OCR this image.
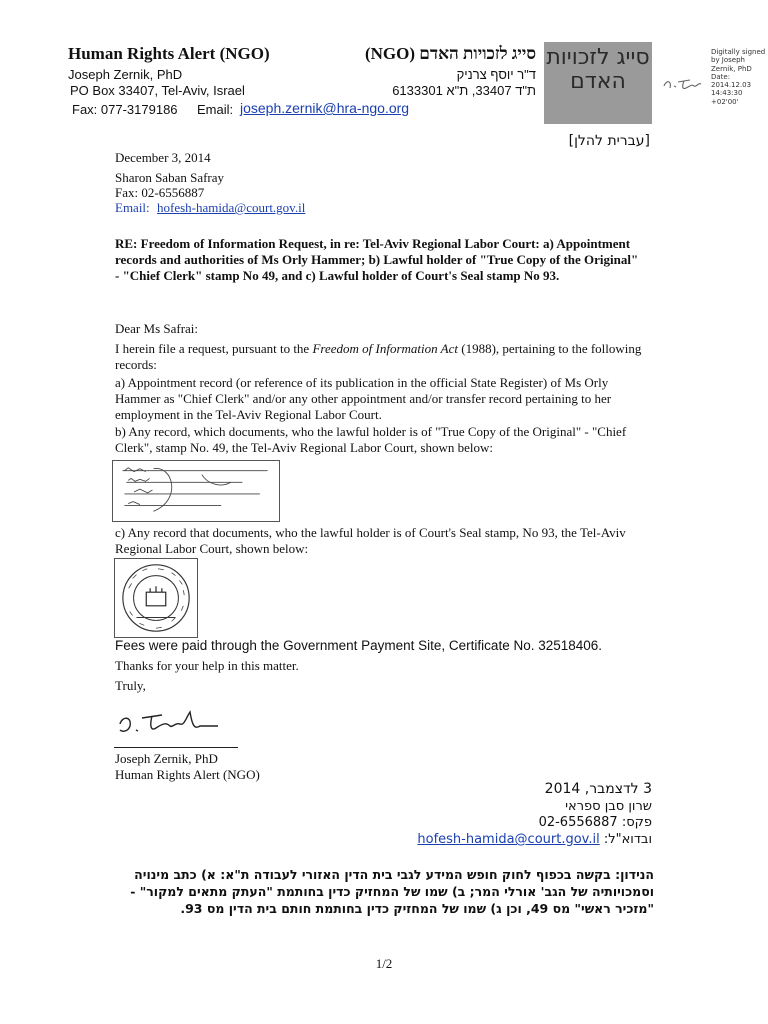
Human Rights Alert (NGO)	סייג לזכויות האדם (NGO)
Joseph Zernik, PhD	ד"ר יוסף צרניק
PO Box 33407, Tel-Aviv, Israel	ת"ד 33407, ת"א 6133301
Fax: 077-3179186 Email: joseph.zernik@hra-ngo.org
סייג לזכויות האדם
Digitally signed by Joseph Zernik, PhD Date: 2014.12.03 14:43:30 +02'00'
[עברית להלן]
December 3, 2014
Sharon Saban Safray
Fax: 02-6556887
Email: hofesh-hamida@court.gov.il
RE: Freedom of Information Request, in re: Tel-Aviv Regional Labor Court: a) Appointment records and authorities of Ms Orly Hammer; b) Lawful holder of "True Copy of the Original" - "Chief Clerk" stamp No 49, and c) Lawful holder of Court's Seal stamp No 93.
Dear Ms Safrai:
I herein file a request, pursuant to the Freedom of Information Act (1988), pertaining to the following records:
a) Appointment record (or reference of its publication in the official State Register) of Ms Orly Hammer as "Chief Clerk" and/or any other appointment and/or transfer record pertaining to her employment in the Tel-Aviv Regional Labor Court.
b) Any record, which documents, who the lawful holder is of "True Copy of the Original" - "Chief Clerk", stamp No. 49, the Tel-Aviv Regional Labor Court, shown below:
c) Any record that documents, who the lawful holder is of Court's Seal stamp, No 93, the Tel-Aviv Regional Labor Court, shown below:
Fees were paid through the Government Payment Site, Certificate No. 32518406.
Thanks for your help in this matter.
Truly,
Joseph Zernik, PhD
Human Rights Alert (NGO)
3 לדצמבר, 2014
שרון סבן ספראי
פקס: 02-6556887
ובדוא"ל: hofesh-hamida@court.gov.il
הנידון: בקשה בכפוף לחוק חופש המידע לגבי בית הדין האזורי לעבודה ת"א: א) כתב מינויה וסמכויותיה של הגב' אורלי המר; ב) שמו של המחזיק כדין בחותמת "העתק מתאים למקור" - "מזכיר ראשי" מס 49, וכן ג) שמו של המחזיק כדין בחותמת חותם בית הדין מס 93.
1/2
